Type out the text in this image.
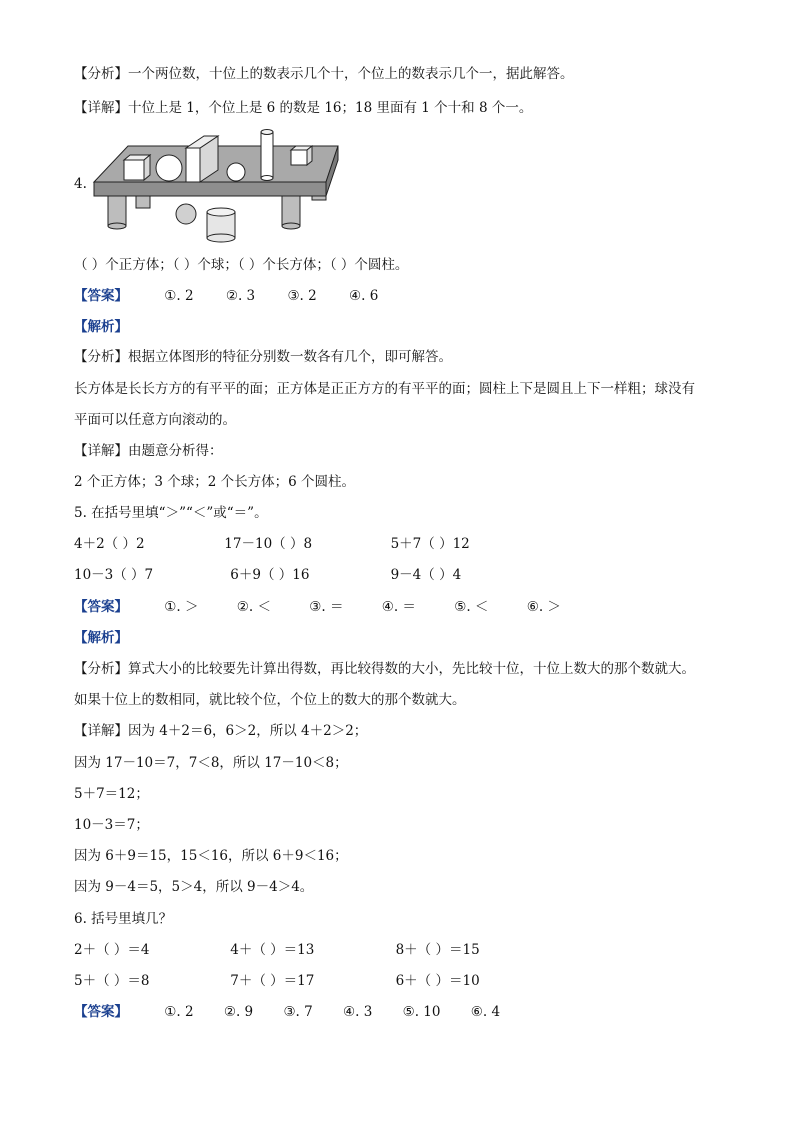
【分析】一个两位数，十位上的数表示几个十，个位上的数表示几个一，据此解答。
【详解】十位上是 1，个位上是 6 的数是 16；18 里面有 1 个十和 8 个一。
4.
（ ）个正方体；（ ）个球；（ ）个长方体；（ ）个圆柱。
【答案】	①. 2 ②. 3 ③. 2 ④. 6
【解析】
【分析】根据立体图形的特征分别数一数各有几个，即可解答。
长方体是长长方方的有平平的面；正方体是正正方方的有平平的面；圆柱上下是圆且上下一样粗；球没有
平面可以任意方向滚动的。
【详解】由题意分析得：
2 个正方体；3 个球；2 个长方体；6 个圆柱。
5. 在括号里填“＞”“＜”或“＝”。
4＋2（ ）2	17－10（ ）8	5＋7（ ）12
10－3（ ）7	6＋9（ ）16	9－4（ ）4
【答案】	①. ＞	②. ＜	③. ＝	④. ＝	⑤. ＜	⑥. ＞
【解析】
【分析】算式大小的比较要先计算出得数，再比较得数的大小，先比较十位，十位上数大的那个数就大。
如果十位上的数相同，就比较个位，个位上的数大的那个数就大。
【详解】因为 4＋2＝6，6＞2，所以 4＋2＞2；
因为 17－10＝7，7＜8，所以 17－10＜8；
5＋7＝12；
10－3＝7；
因为 6＋9＝15，15＜16，所以 6＋9＜16；
因为 9－4＝5，5＞4，所以 9－4＞4。
6. 括号里填几？
2＋（ ）＝4	4＋（ ）＝13	8＋（ ）＝15
5＋（ ）＝8	7＋（ ）＝17	6＋（ ）＝10
【答案】	①. 2 ②. 9 ③. 7 ④. 3 ⑤. 10 ⑥. 4
